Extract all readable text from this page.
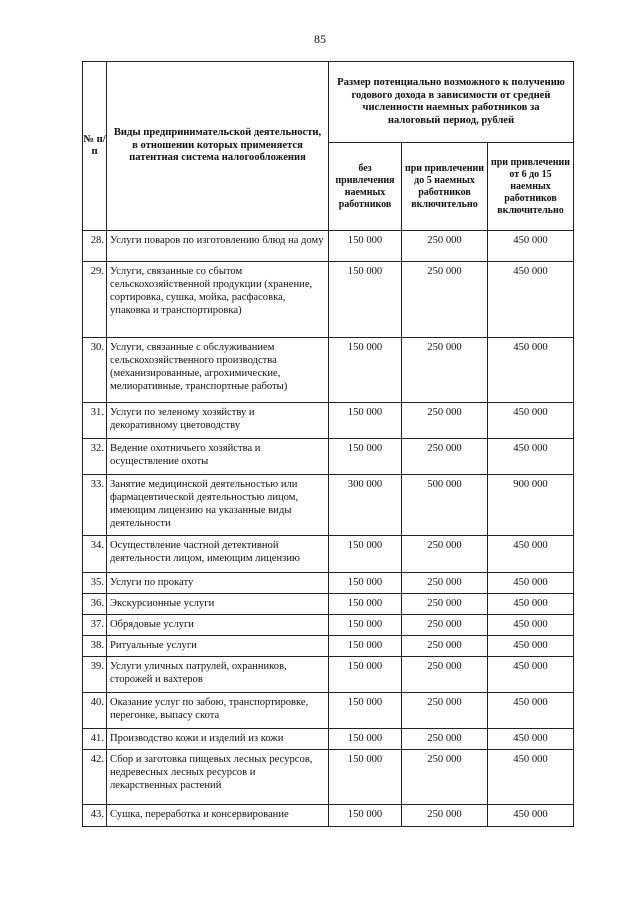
85
№ п/п	Виды предпринимательской деятельности, в отношении которых применяется патентная система налогообложения	Размер потенциально возможного к получению годового дохода в зависимости от средней численности наемных работников за налоговый период, рублей		
		без привлечения наемных работников	при привлечении до 5 наемных работников включительно	при привлечении от 6 до 15 наемных работников включительно
28.	Услуги поваров по изготовлению блюд на дому	150 000	250 000	450 000
29.	Услуги, связанные со сбытом сельскохозяйственной продукции (хранение, сортировка, сушка, мойка, расфасовка, упаковка и транспортировка)	150 000	250 000	450 000
30.	Услуги, связанные с обслуживанием сельскохозяйственного производства (механизированные, агрохимические, мелиоративные, транспортные работы)	150 000	250 000	450 000
31.	Услуги по зеленому хозяйству и декоративному цветоводству	150 000	250 000	450 000
32.	Ведение охотничьего хозяйства и осуществление охоты	150 000	250 000	450 000
33.	Занятие медицинской деятельностью или фармацевтической деятельностью лицом, имеющим лицензию на указанные виды деятельности	300 000	500 000	900 000
34.	Осуществление частной детективной деятельности лицом, имеющим лицензию	150 000	250 000	450 000
35.	Услуги по прокату	150 000	250 000	450 000
36.	Экскурсионные услуги	150 000	250 000	450 000
37.	Обрядовые услуги	150 000	250 000	450 000
38.	Ритуальные услуги	150 000	250 000	450 000
39.	Услуги уличных патрулей, охранников, сторожей и вахтеров	150 000	250 000	450 000
40.	Оказание услуг по забою, транспортировке, перегонке, выпасу скота	150 000	250 000	450 000
41.	Производство кожи и изделий из кожи	150 000	250 000	450 000
42.	Сбор и заготовка пищевых лесных ресурсов, недревесных лесных ресурсов и лекарственных растений	150 000	250 000	450 000
43.	Сушка, переработка и консервирование	150 000	250 000	450 000
